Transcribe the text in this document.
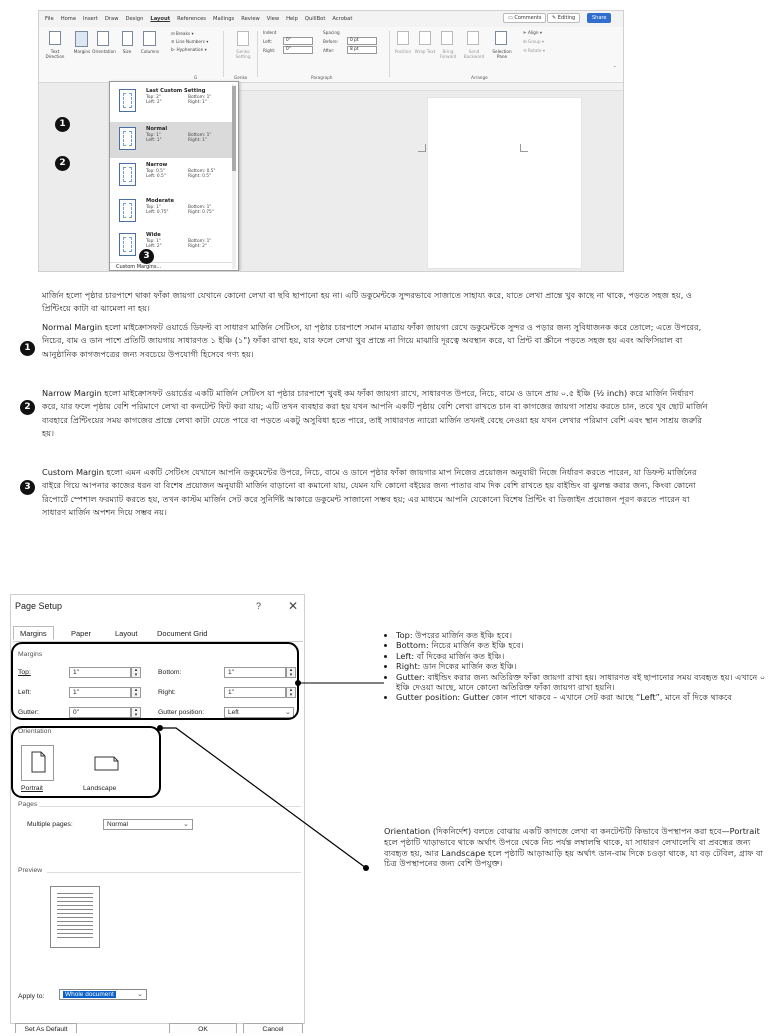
File Home Insert Draw Design Layout References Mailings Review View Help QuillBot Acrobat	▭ Comments	✎ Editing	Share
Text Direction
Margins Orientation	Size	Columns
⊟ Breaks ▾
≡ Line Numbers ▾
b- Hyphenation ▾
G
Genko Setting
Genko
Indent
Left:	0"
Right:	0"
Spacing
Before:	0 pt
After:	8 pt
Paragraph
Position Wrap Text	Bring Forward
Send Backward
Selection Pane
⊫ Align ▾
⊞ Group ▾
⟲ Rotate ▾
Arrange
⌄
Last Custom Setting
Top: 2"	Bottom: 1"
Left: 2"	Right: 1"
Normal
Top: 1"	Bottom: 1"
Left: 1"	Right: 1"
Narrow
Top: 0.5"	Bottom: 0.5"
Left: 0.5"	Right: 0.5"
Moderate
Top: 1"	Bottom: 1"
Left: 0.75"	Right: 0.75"
Wide
Top: 1"	Bottom: 1"
Left: 2"	Right: 2"
Custom Margins...
1
2
3
মার্জিন হলো পৃষ্ঠার চারপাশে থাকা ফাঁকা জায়গা যেখানে কোনো লেখা বা ছবি ছাপানো হয় না। এটি ডকুমেন্টকে সুন্দরভাবে সাজাতে সাহায্য করে, যাতে লেখা প্রান্তে খুব কাছে না থাকে, পড়তে সহজ হয়, ও প্রিন্টিংয়ে কাটা বা ঝামেলা না হয়।
1
Normal Margin হলো মাইক্রোসফট ওয়ার্ডে ডিফল্ট বা সাধারণ মার্জিন সেটিংস, যা পৃষ্ঠার চারপাশে সমান মাত্রায় ফাঁকা জায়গা রেখে ডকুমেন্টকে সুন্দর ও পড়ার জন্য সুবিধাজনক করে তোলে; এতে উপরের, নিচের, বাম ও ডান পাশে প্রতিটি জায়গায় সাধারণত ১ ইঞ্চি (১") ফাঁকা রাখা হয়, যার ফলে লেখা খুব প্রান্তে না গিয়ে মাঝারি দূরত্বে অবস্থান করে, যা প্রিন্ট বা স্ক্রীনে পড়তে সহজ হয় এবং অফিসিয়াল বা আনুষ্ঠানিক কাগজপত্রের জন্য সবচেয়ে উপযোগী হিসেবে গণ্য হয়।
2
Narrow Margin হলো মাইক্রোসফট ওয়ার্ডের একটি মার্জিন সেটিংস যা পৃষ্ঠার চারপাশে খুবই কম ফাঁকা জায়গা রাখে, সাধারণত উপরে, নিচে, বামে ও ডানে প্রায় ০.৫ ইঞ্চি (½ inch) করে মার্জিন নির্ধারণ করে, যার ফলে পৃষ্ঠায় বেশি পরিমাণে লেখা বা কনটেন্ট ফিট করা যায়; এটি তখন ব্যবহার করা হয় যখন আপনি একটি পৃষ্ঠায় বেশি লেখা রাখতে চান বা কাগজের জায়গা সাশ্রয় করতে চান, তবে খুব ছোট মার্জিন ব্যবহারে প্রিন্টিংয়ের সময় কাগজের প্রান্তে লেখা কাটা যেতে পারে বা পড়তে একটু অসুবিধা হতে পারে, তাই সাধারণত ন্যারো মার্জিন তখনই বেছে নেওয়া হয় যখন লেখার পরিমাণ বেশি এবং স্থান সাশ্রয় জরুরি হয়।
3
Custom Margin হলো এমন একটি সেটিংস যেখানে আপনি ডকুমেন্টের উপরে, নিচে, বামে ও ডানে পৃষ্ঠার ফাঁকা জায়গার মাপ নিজের প্রয়োজন অনুযায়ী নিজে নির্ধারণ করতে পারেন, যা ডিফল্ট মার্জিনের বাইরে গিয়ে আপনার কাজের ধরন বা বিশেষ প্রয়োজন অনুযায়ী মার্জিন বাড়ানো বা কমানো যায়, যেমন যদি কোনো বইয়ের জন্য পাতার বাম দিক বেশি রাখতে হয় বাইন্ডিং বা ঝুলন্ত করার জন্য, কিংবা কোনো রিপোর্টে স্পেশাল ফরম্যাট করতে হয়, তখন কাস্টম মার্জিন সেট করে সুনির্দিষ্ট আকারে ডকুমেন্ট সাজানো সম্ভব হয়; এর মাধ্যমে আপনি যেকোনো বিশেষ প্রিন্টিং বা ডিজাইন প্রয়োজন পূরণ করতে পারেন যা সাধারণ মার্জিন অপশন দিয়ে সম্ভব নয়।
Page Setup	? ✕
Margins	Paper	Layout	Document Grid
Margins
Top:	1"	▴
▾	Bottom:	1"	▴
▾
Left:	1"	▴
▾	Right:	1"	▴
▾
Gutter:	0"	▴
▾	Gutter position:	Left	⌄
Orientation
Portrait	Landscape
Pages
Multiple pages:	Normal	⌄
Preview
Apply to:	Whole document	⌄
Set As Default	OK	Cancel
• Top: উপরের মার্জিন কত ইঞ্চি হবে।
• Bottom: নিচের মার্জিন কত ইঞ্চি হবে।
• Left: বাঁ দিকের মার্জিন কত ইঞ্চি।
• Right: ডান দিকের মার্জিন কত ইঞ্চি।
• Gutter: বাইন্ডিং করার জন্য অতিরিক্ত ফাঁকা জায়গা রাখা হয়। সাধারণত বই ছাপানোর সময় ব্যবহৃত হয়। এখানে ০ ইঞ্চি দেওয়া আছে, মানে কোনো অতিরিক্ত ফাঁকা জায়গা রাখা হয়নি।
• Gutter position: Gutter কোন পাশে থাকবে – এখানে সেট করা আছে “Left”, মানে বাঁ দিকে থাকবে
Orientation (দিকনির্দেশ) বলতে বোঝায় একটি কাগজে লেখা বা কনটেন্টটি কিভাবে উপস্থাপন করা হবে—Portrait হলে পৃষ্ঠাটি খাড়াভাবে থাকে অর্থাৎ উপরে থেকে নিচ পর্যন্ত লম্বালম্বি থাকে, যা সাধারণ লেখালেখি বা প্রবন্ধের জন্য ব্যবহৃত হয়, আর Landscape হলে পৃষ্ঠাটি আড়াআড়ি হয় অর্থাৎ ডান-বাম দিকে চওড়া থাকে, যা বড় টেবিল, গ্রাফ বা চিত্র উপস্থাপনের জন্য বেশি উপযুক্ত।
